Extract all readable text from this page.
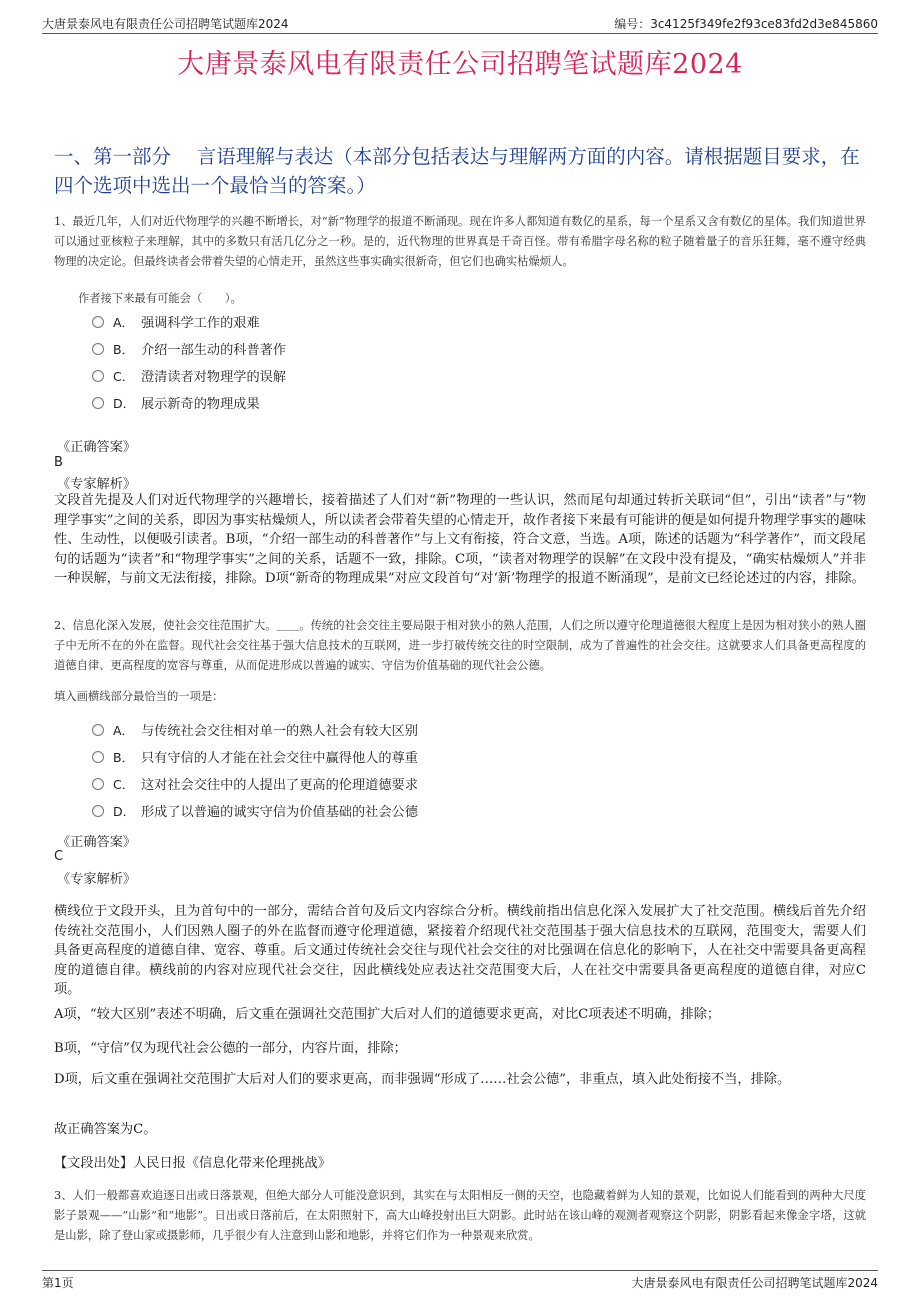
大唐景泰风电有限责任公司招聘笔试题库2024	编号：3c4125f349fe2f93ce83fd2d3e845860
大唐景泰风电有限责任公司招聘笔试题库2024
一、第一部分　 言语理解与表达（本部分包括表达与理解两方面的内容。请根据题目要求，在四个选项中选出一个最恰当的答案。）
1、最近几年，人们对近代物理学的兴趣不断增长，对“新”物理学的报道不断涌现。现在许多人都知道有数亿的星系，每一个星系又含有数亿的星体。我们知道世界可以通过亚核粒子来理解，其中的多数只有活几亿分之一秒。是的，近代物理的世界真是千奇百怪。带有希腊字母名称的粒子随着量子的音乐狂舞，毫不遵守经典物理的决定论。但最终读者会带着失望的心情走开，虽然这些事实确实很新奇，但它们也确实枯燥烦人。
作者接下来最有可能会（　　）。
A． 强调科学工作的艰难
B． 介绍一部生动的科普著作
C． 澄清读者对物理学的误解
D． 展示新奇的物理成果
《正确答案》
B
《专家解析》
文段首先提及人们对近代物理学的兴趣增长，接着描述了人们对“新”物理的一些认识，然而尾句却通过转折关联词“但”，引出“读者”与“物理学事实”之间的关系，即因为事实枯燥烦人，所以读者会带着失望的心情走开，故作者接下来最有可能讲的便是如何提升物理学事实的趣味性、生动性，以便吸引读者。B项，“介绍一部生动的科普著作”与上文有衔接，符合文意，当选。A项，陈述的话题为“科学著作”，而文段尾句的话题为“读者”和“物理学事实”之间的关系，话题不一致，排除。C项，“读者对物理学的误解”在文段中没有提及，“确实枯燥烦人”并非一种误解，与前文无法衔接，排除。D项“新奇的物理成果”对应文段首句“对‘新’物理学的报道不断涌现”，是前文已经论述过的内容，排除。
2、信息化深入发展，使社会交往范围扩大。＿＿。传统的社会交往主要局限于相对狭小的熟人范围，人们之所以遵守伦理道德很大程度上是因为相对狭小的熟人圈子中无所不在的外在监督。现代社会交往基于强大信息技术的互联网，进一步打破传统交往的时空限制，成为了普遍性的社会交往。这就要求人们具备更高程度的道德自律、更高程度的宽容与尊重，从而促进形成以普遍的诚实、守信为价值基础的现代社会公德。
填入画横线部分最恰当的一项是：
A． 与传统社会交往相对单一的熟人社会有较大区别
B． 只有守信的人才能在社会交往中赢得他人的尊重
C． 这对社会交往中的人提出了更高的伦理道德要求
D． 形成了以普遍的诚实守信为价值基础的社会公德
《正确答案》
C
《专家解析》
横线位于文段开头，且为首句中的一部分，需结合首句及后文内容综合分析。横线前指出信息化深入发展扩大了社交范围。横线后首先介绍传统社交范围小，人们因熟人圈子的外在监督而遵守伦理道德，紧接着介绍现代社交范围基于强大信息技术的互联网，范围变大，需要人们具备更高程度的道德自律、宽容、尊重。后文通过传统社会交往与现代社会交往的对比强调在信息化的影响下，人在社交中需要具备更高程度的道德自律。横线前的内容对应现代社会交往，因此横线处应表达社交范围变大后，人在社交中需要具备更高程度的道德自律，对应C项。
A项，“较大区别”表述不明确，后文重在强调社交范围扩大后对人们的道德要求更高，对比C项表述不明确，排除；
B项，“守信”仅为现代社会公德的一部分，内容片面，排除；
D项，后文重在强调社交范围扩大后对人们的要求更高，而非强调“形成了……社会公德”，非重点，填入此处衔接不当，排除。
故正确答案为C。
【文段出处】人民日报《信息化带来伦理挑战》
3、人们一般都喜欢追逐日出或日落景观，但绝大部分人可能没意识到，其实在与太阳相反一侧的天空，也隐藏着鲜为人知的景观，比如说人们能看到的两种大尺度影子景观——“山影”和“地影”。日出或日落前后，在太阳照射下，高大山峰投射出巨大阴影。此时站在该山峰的观测者观察这个阴影，阴影看起来像金字塔，这就是山影，除了登山家或摄影师，几乎很少有人注意到山影和地影，并将它们作为一种景观来欣赏。
第1页	大唐景泰风电有限责任公司招聘笔试题库2024
